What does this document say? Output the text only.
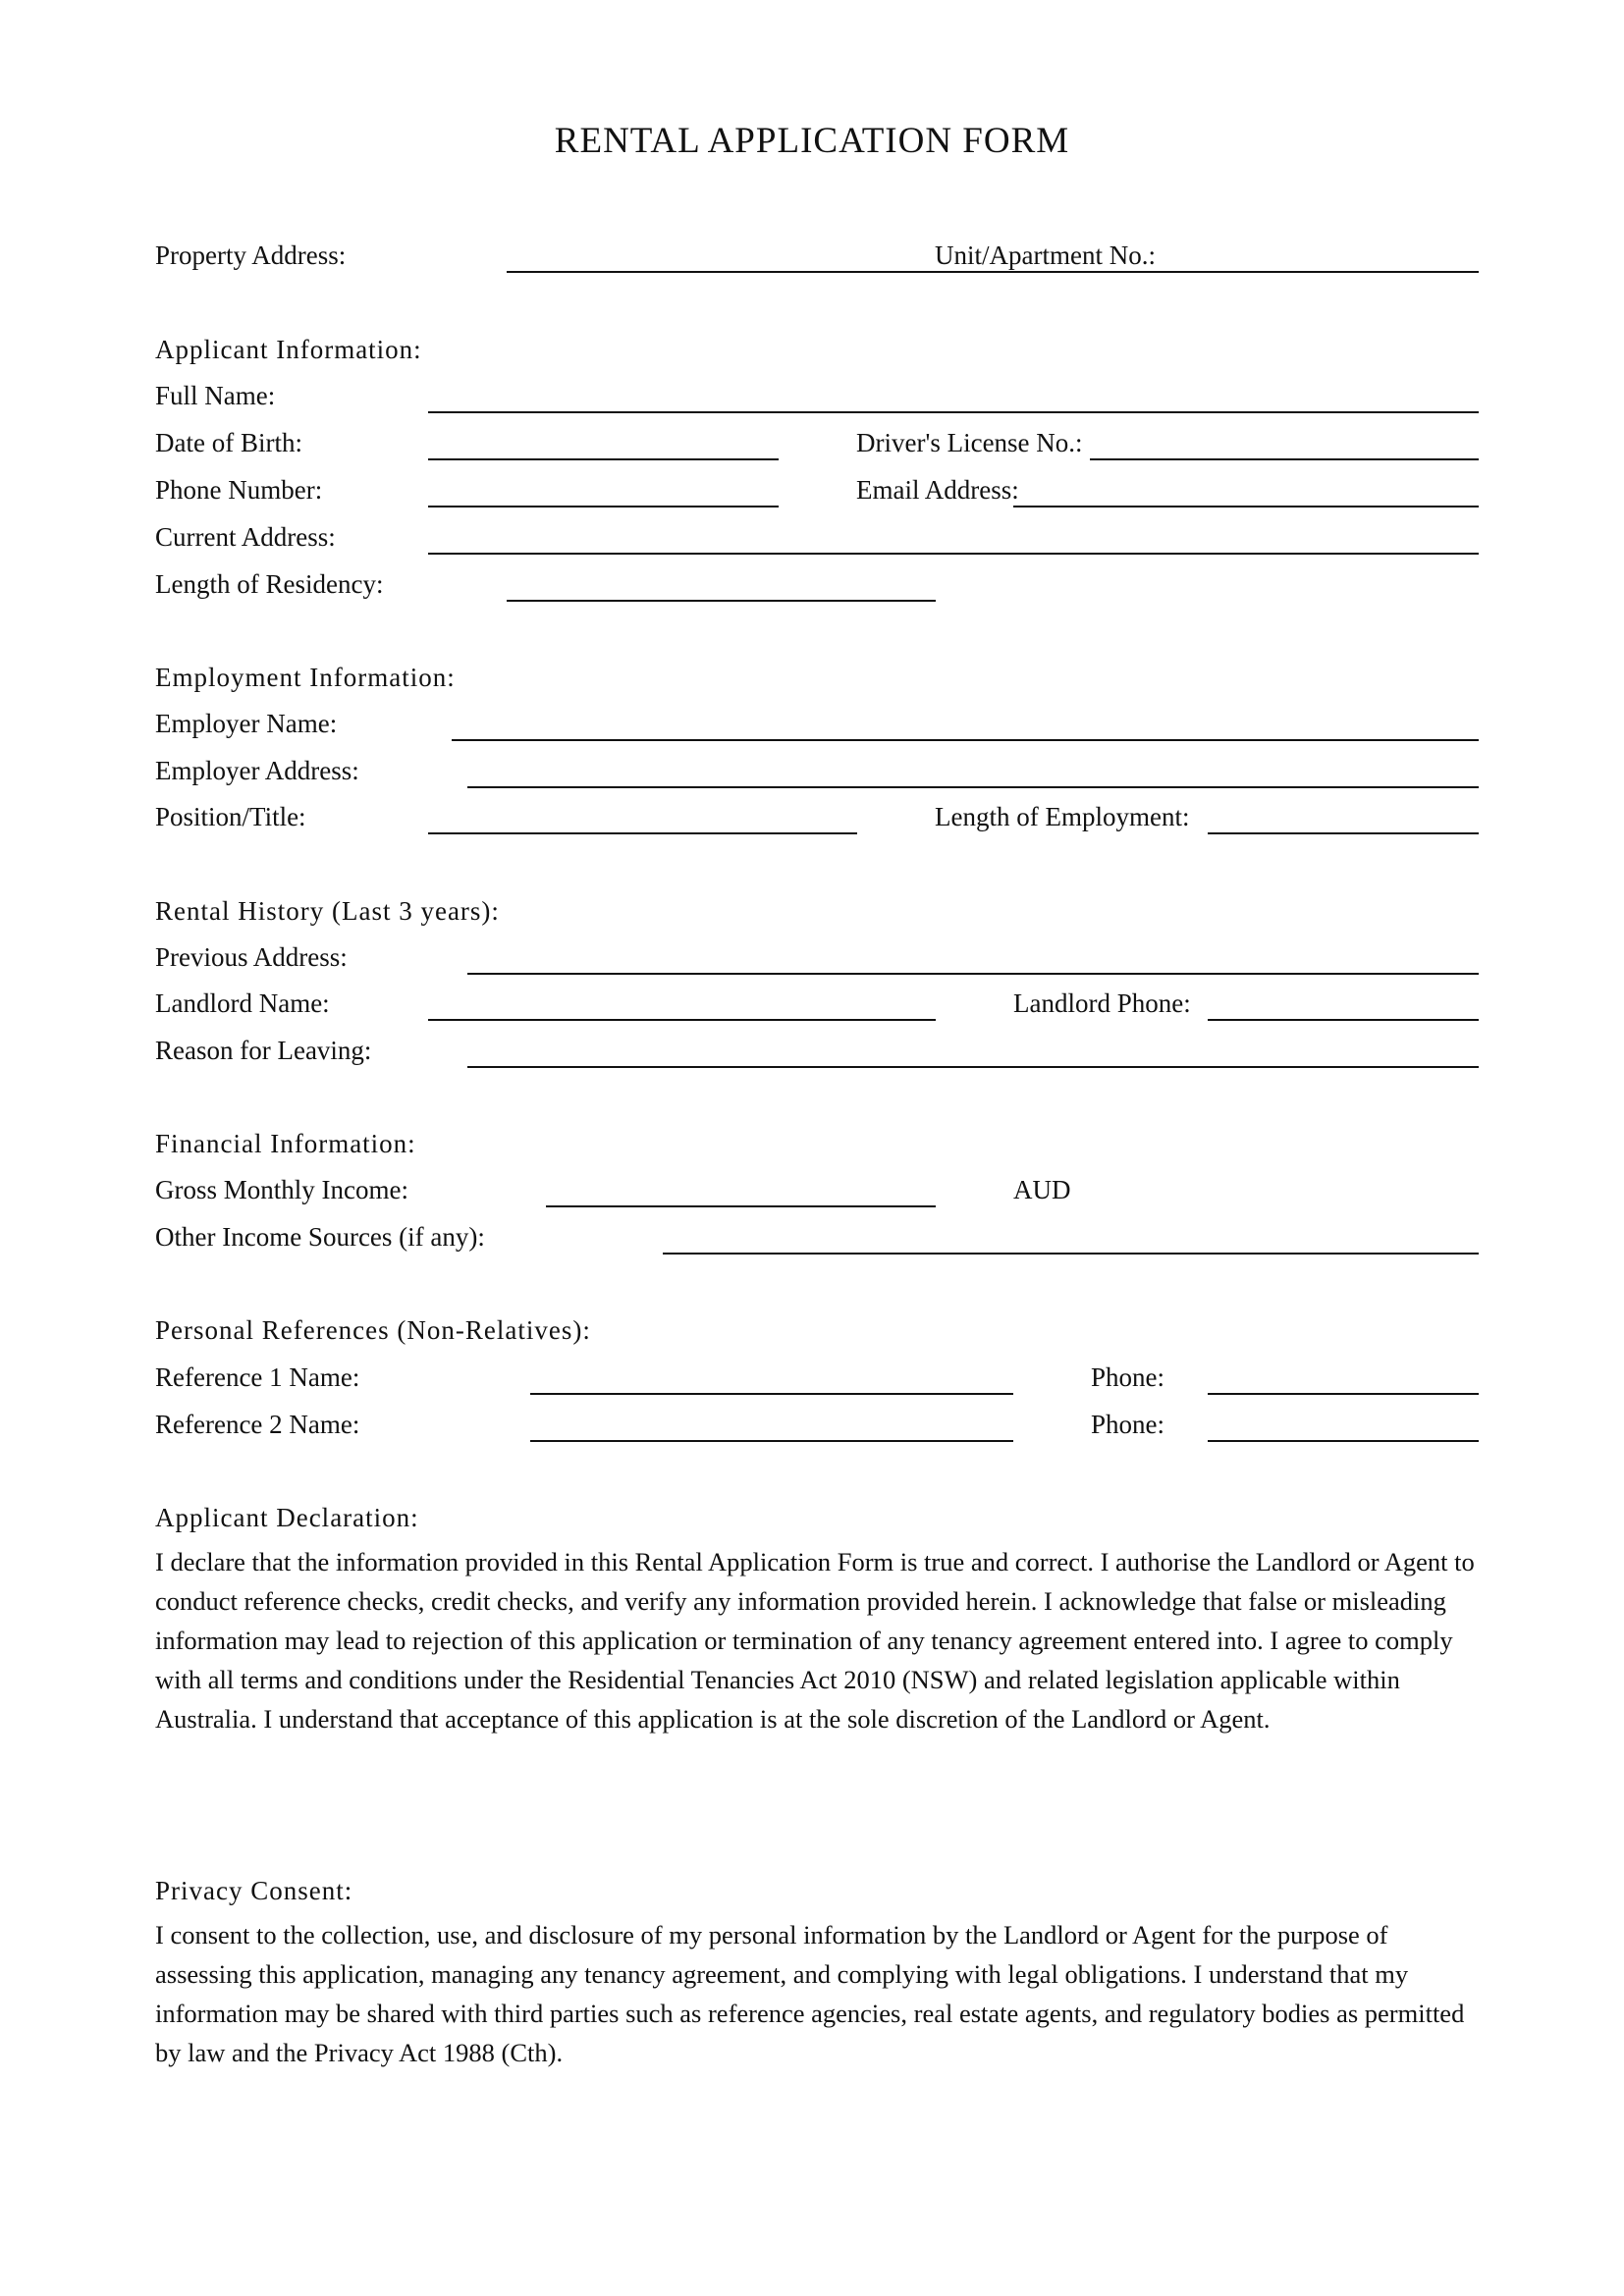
RENTAL APPLICATION FORM
Property Address:	Unit/Apartment No.:
Applicant Information:
Full Name:
Date of Birth:	Driver's License No.:
Phone Number:	Email Address:
Current Address:
Length of Residency:
Employment Information:
Employer Name:
Employer Address:
Position/Title:	Length of Employment:
Rental History (Last 3 years):
Previous Address:
Landlord Name:	Landlord Phone:
Reason for Leaving:
Financial Information:
Gross Monthly Income:	AUD
Other Income Sources (if any):
Personal References (Non-Relatives):
Reference 1 Name:	Phone:
Reference 2 Name:	Phone:
Applicant Declaration:
I declare that the information provided in this Rental Application Form is true and correct. I authorise the Landlord or Agent to conduct reference checks, credit checks, and verify any information provided herein. I acknowledge that false or misleading information may lead to rejection of this application or termination of any tenancy agreement entered into. I agree to comply with all terms and conditions under the Residential Tenancies Act 2010 (NSW) and related legislation applicable within Australia. I understand that acceptance of this application is at the sole discretion of the Landlord or Agent.
Privacy Consent:
I consent to the collection, use, and disclosure of my personal information by the Landlord or Agent for the purpose of assessing this application, managing any tenancy agreement, and complying with legal obligations. I understand that my information may be shared with third parties such as reference agencies, real estate agents, and regulatory bodies as permitted by law and the Privacy Act 1988 (Cth).
